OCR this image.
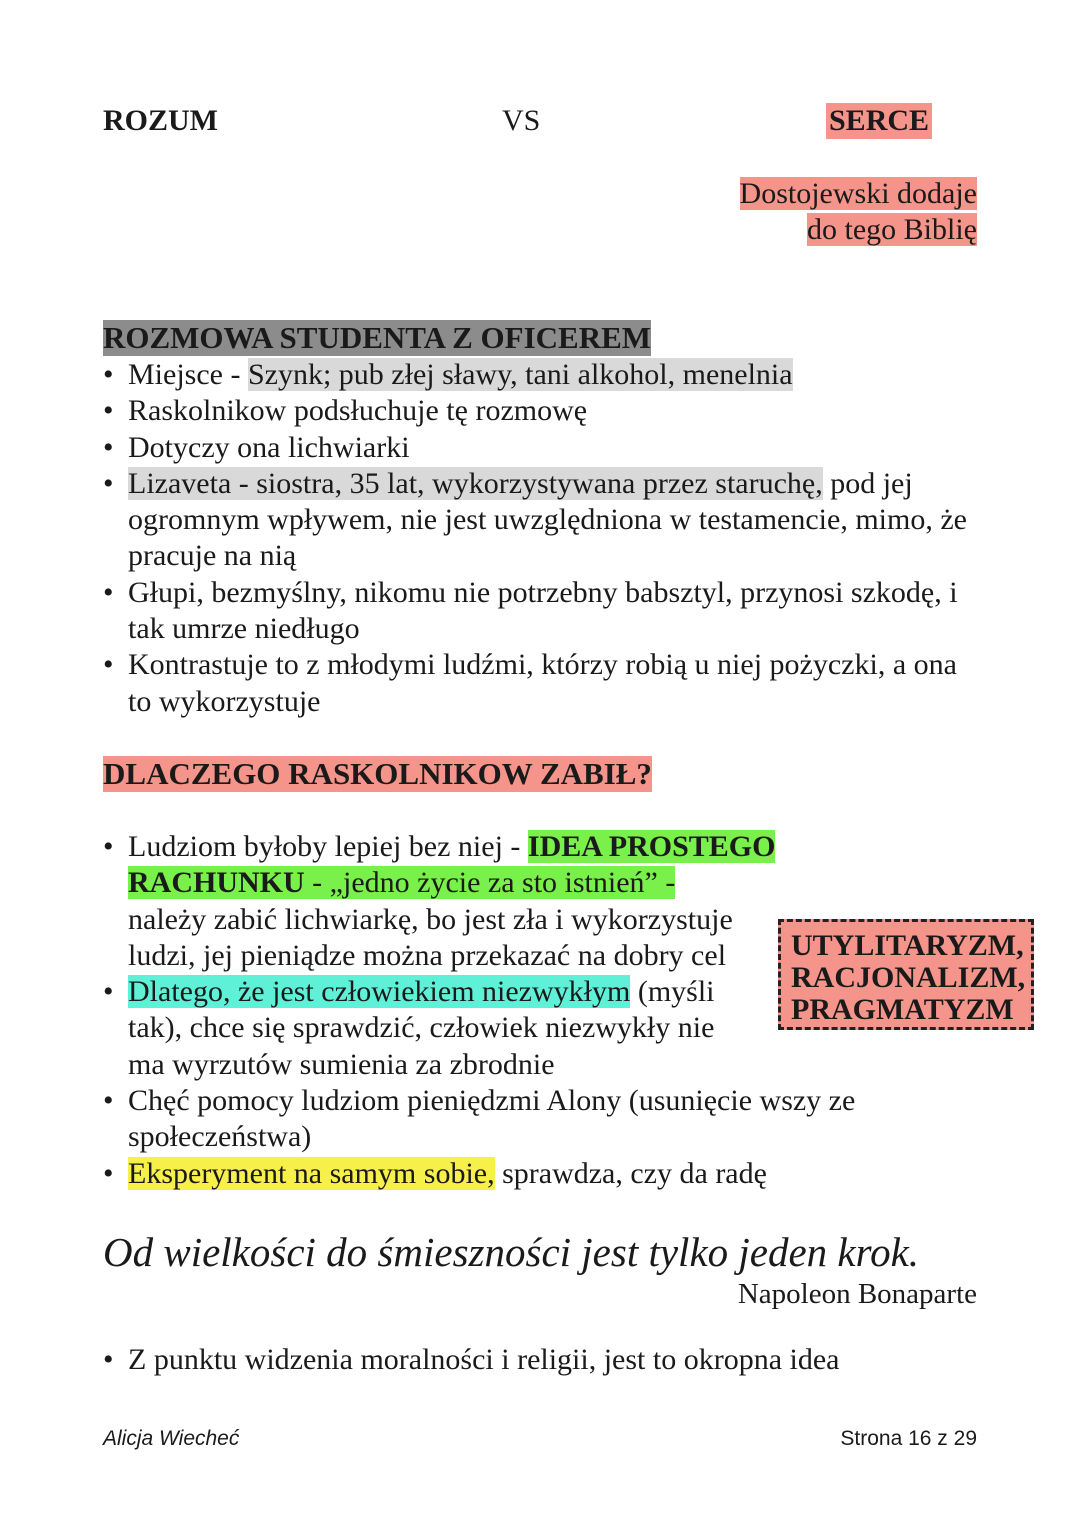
ROZUM	VS	SERCE
Dostojewski dodaje
do tego Biblię
ROZMOWA STUDENTA Z OFICEREM
• Miejsce - Szynk; pub złej sławy, tani alkohol, menelnia
• Raskolnikow podsłuchuje tę rozmowę
• Dotyczy ona lichwiarki
• Lizaveta - siostra, 35 lat, wykorzystywana przez staruchę, pod jej ogromnym wpływem, nie jest uwzględniona w testamencie, mimo, że pracuje na nią
• Głupi, bezmyślny, nikomu nie potrzebny babsztyl, przynosi szkodę, i tak umrze niedługo
• Kontrastuje to z młodymi ludźmi, którzy robią u niej pożyczki, a ona to wykorzystuje
DLACZEGO RASKOLNIKOW ZABIŁ?
• Ludziom byłoby lepiej bez niej - IDEA PROSTEGO
RACHUNKU - „jedno życie za sto istnień” -
należy zabić lichwiarkę, bo jest zła i wykorzystuje
ludzi, jej pieniądze można przekazać na dobry cel
• Dlatego, że jest człowiekiem niezwykłym (myśli
tak), chce się sprawdzić, człowiek niezwykły nie
ma wyrzutów sumienia za zbrodnie
• Chęć pomocy ludziom pieniędzmi Alony (usunięcie wszy ze
społeczeństwa)
• Eksperyment na samym sobie, sprawdza, czy da radę
UTYLITARYZM,
RACJONALIZM,
PRAGMATYZM
Od wielkości do śmieszności jest tylko jeden krok.
Napoleon Bonaparte
• Z punktu widzenia moralności i religii, jest to okropna idea
Alicja Wiecheć	Strona 16 z 29
